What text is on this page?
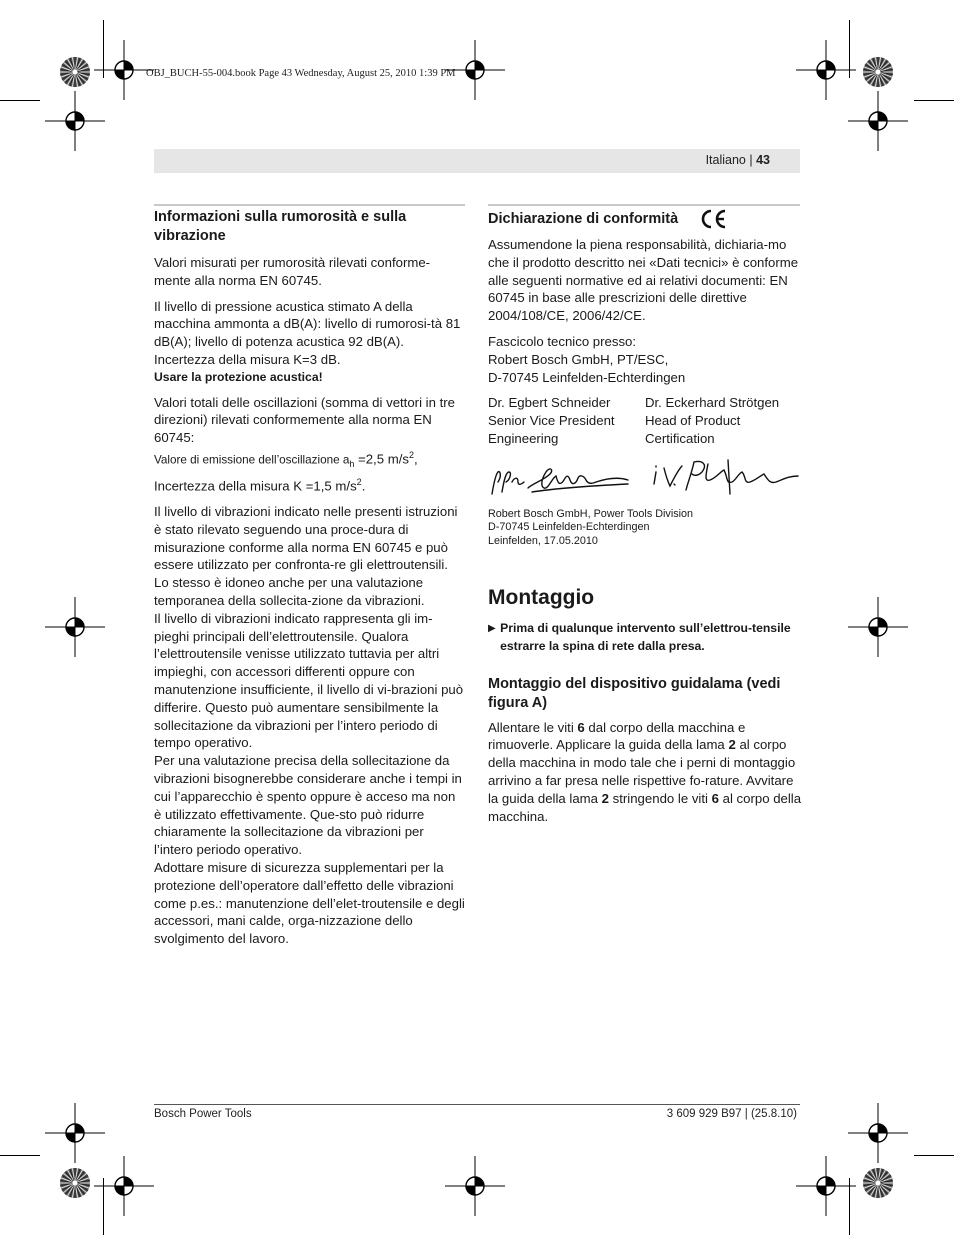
OBJ_BUCH-55-004.book Page 43 Wednesday, August 25, 2010 1:39 PM
Italiano | 43
Informazioni sulla rumorosità e sulla vibrazione

Valori misurati per rumorosità rilevati conforme-mente alla norma EN 60745.

Il livello di pressione acustica stimato A della macchina ammonta a dB(A): livello di rumorosi-tà 81 dB(A); livello di potenza acustica 92 dB(A). Incertezza della misura K=3 dB.

Usare la protezione acustica!

Valori totali delle oscillazioni (somma di vettori in tre direzioni) rilevati conformemente alla norma EN 60745:

Valore di emissione dell’oscillazione $a_h =2,5$ $m/s^2$,
Incertezza della misura K =1,5 $m/s^2$.

Il livello di vibrazioni indicato nelle presenti istruzioni è stato rilevato seguendo una proce-dura di misurazione conforme alla norma EN 60745 e può essere utilizzato per confronta-re gli elettroutensili. Lo stesso è idoneo anche per una valutazione temporanea della sollecita-zione da vibrazioni.

Il livello di vibrazioni indicato rappresenta gli im-pieghi principali dell’elettroutensile. Qualora l’elettroutensile venisse utilizzato tuttavia per altri impieghi, con accessori differenti oppure con manutenzione insufficiente, il livello di vi-brazioni può differire. Questo può aumentare sensibilmente la sollecitazione da vibrazioni per l’intero periodo di tempo operativo.

Per una valutazione precisa della sollecitazione da vibrazioni bisognerebbe considerare anche i tempi in cui l’apparecchio è spento oppure è acceso ma non è utilizzato effettivamente. Que-sto può ridurre chiaramente la sollecitazione da vibrazioni per l’intero periodo operativo.

Adottare misure di sicurezza supplementari per la protezione dell’operatore dall’effetto delle vibrazioni come p.es.: manutenzione dell’elet-troutensile e degli accessori, mani calde, orga-nizzazione dello svolgimento del lavoro.

Dichiarazione di conformità

Assumendone la piena responsabilità, dichiaria-mo che il prodotto descritto nei «Dati tecnici» è conforme alle seguenti normative ed ai relativi documenti: EN 60745 in base alle prescrizioni delle direttive 2004/108/CE, 2006/42/CE.

Fascicolo tecnico presso:
Robert Bosch GmbH, PT/ESC,
D-70745 Leinfelden-Echterdingen

Dr. Egbert Schneider
Senior Vice President
Engineering
Dr. Eckerhard Strötgen
Head of Product
Certification

Robert Bosch GmbH, Power Tools Division
D-70745 Leinfelden-Echterdingen
Leinfelden, 17.05.2010

Montaggio
▶ Prima di qualunque intervento sull’elettrou-tensile estrarre la spina di rete dalla presa.
Montaggio del dispositivo guidalama (vedi figura A)

Allentare le viti 6 dal corpo della macchina e rimuoverle. Applicare la guida della lama 2 al corpo della macchina in modo tale che i perni di montaggio arrivino a far presa nelle rispettive fo-rature. Avvitare la guida della lama 2 stringendo le viti 6 al corpo della macchina.

Bosch Power Tools	3 609 929 B97 | (25.8.10)
